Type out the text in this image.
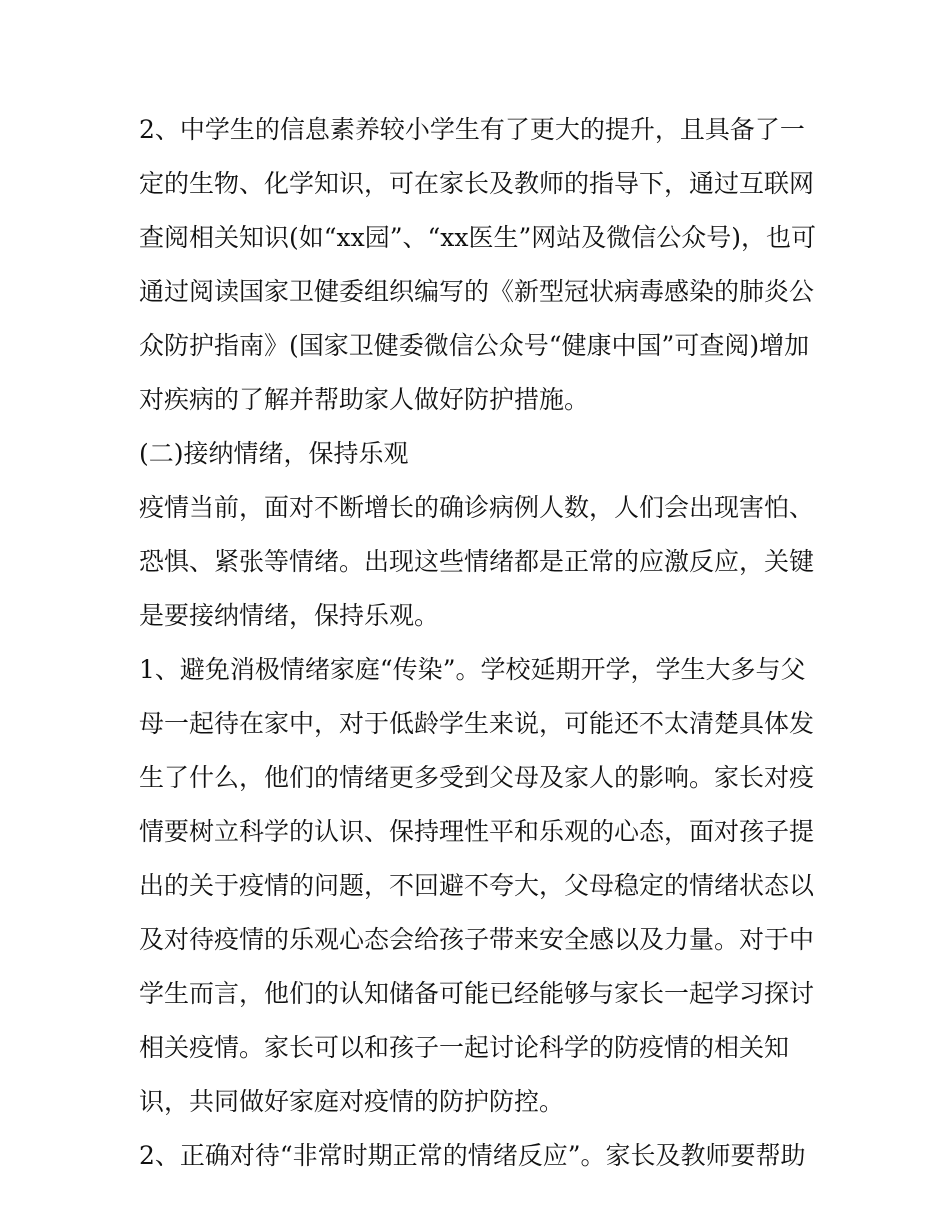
2、中学生的信息素养较小学生有了更大的提升，且具备了一
定的生物、化学知识，可在家长及教师的指导下，通过互联网
查阅相关知识(如“xx园”、“xx医生”网站及微信公众号)，也可
通过阅读国家卫健委组织编写的《新型冠状病毒感染的肺炎公
众防护指南》(国家卫健委微信公众号“健康中国”可查阅)增加
对疾病的了解并帮助家人做好防护措施。
(二)接纳情绪，保持乐观
疫情当前，面对不断增长的确诊病例人数，人们会出现害怕、
恐惧、紧张等情绪。出现这些情绪都是正常的应激反应，关键
是要接纳情绪，保持乐观。
1、避免消极情绪家庭“传染”。学校延期开学，学生大多与父
母一起待在家中，对于低龄学生来说，可能还不太清楚具体发
生了什么，他们的情绪更多受到父母及家人的影响。家长对疫
情要树立科学的认识、保持理性平和乐观的心态，面对孩子提
出的关于疫情的问题，不回避不夸大，父母稳定的情绪状态以
及对待疫情的乐观心态会给孩子带来安全感以及力量。对于中
学生而言，他们的认知储备可能已经能够与家长一起学习探讨
相关疫情。家长可以和孩子一起讨论科学的防疫情的相关知
识，共同做好家庭对疫情的防护防控。
2、正确对待“非常时期正常的情绪反应”。家长及教师要帮助
